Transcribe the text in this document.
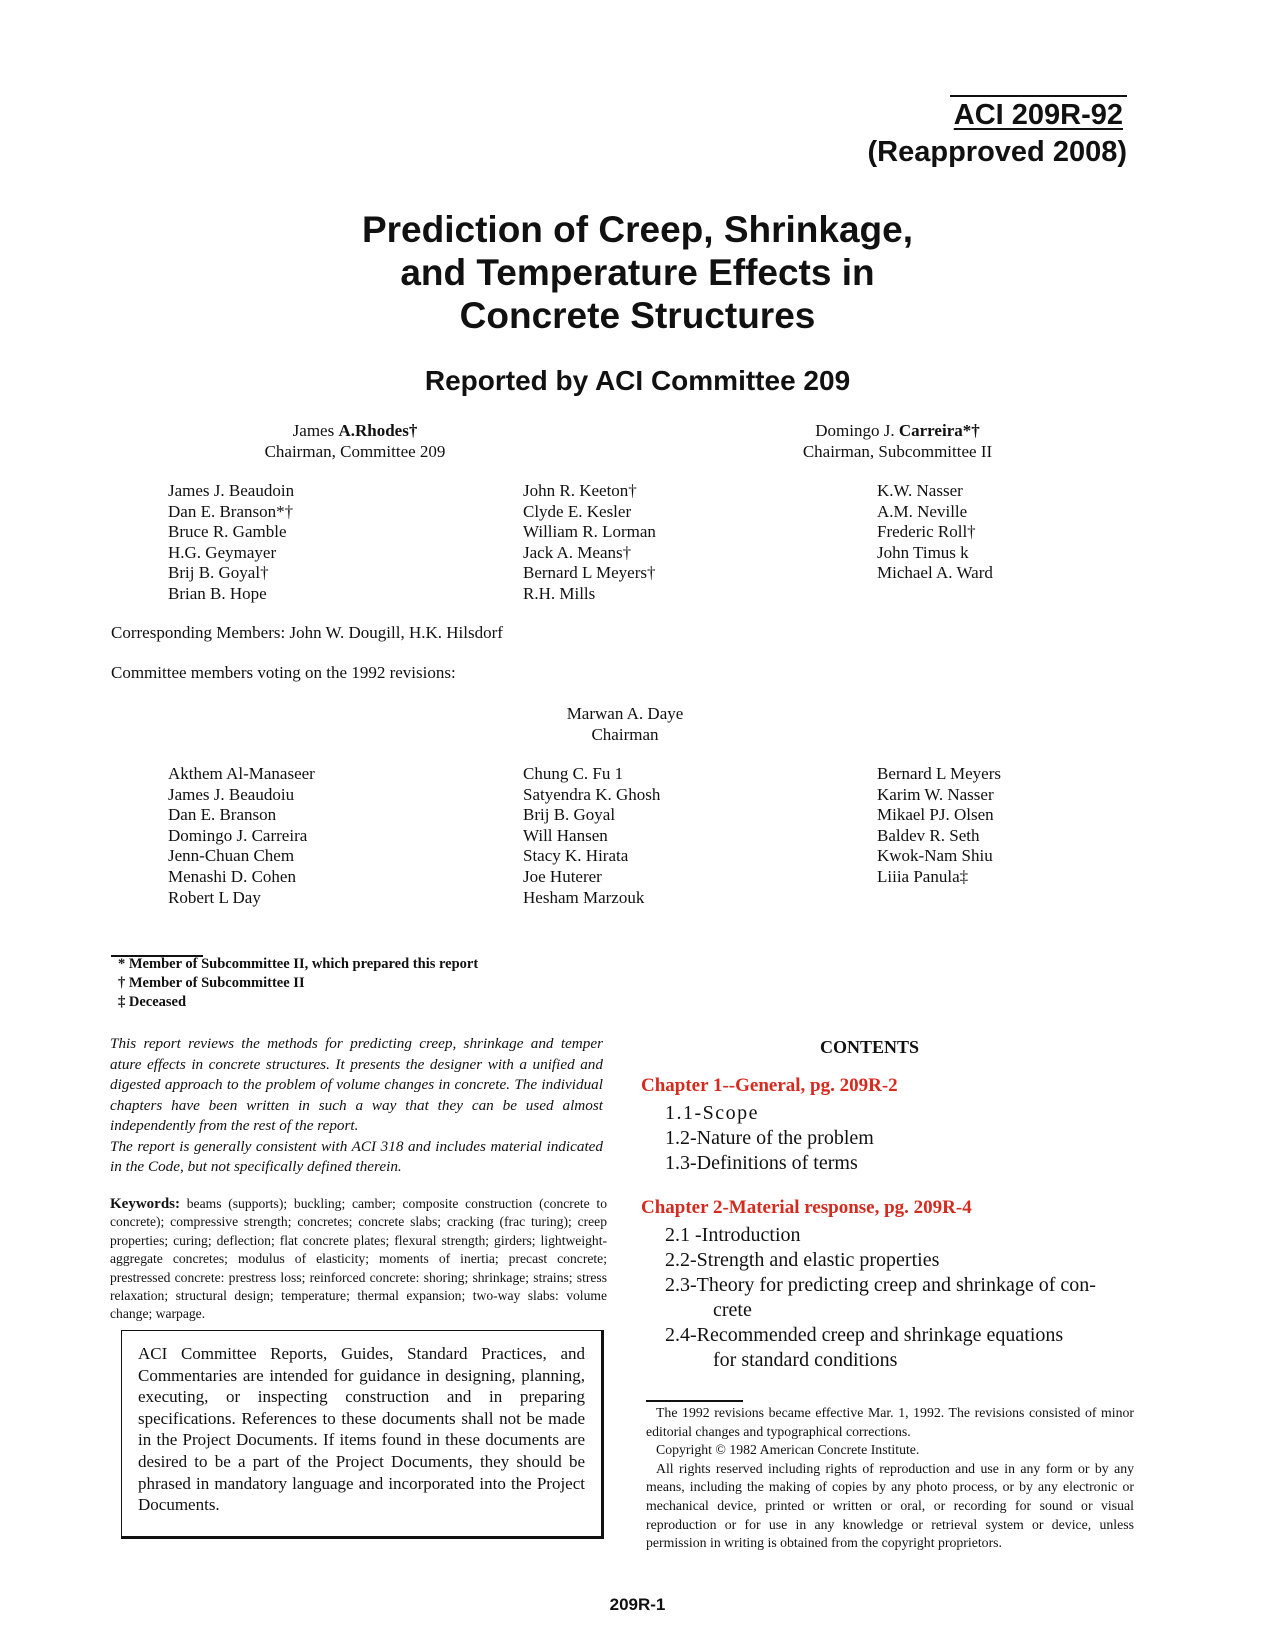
ACI 209R-92
(Reapproved 2008)
Prediction of Creep, Shrinkage,
and Temperature Effects in
Concrete Structures
Reported by ACI Committee 209
James A.Rhodes†
Chairman, Committee 209
Domingo J. Carreira*†
Chairman, Subcommittee II
James J. Beaudoin
Dan E. Branson*†
Bruce R. Gamble
H.G. Geymayer
Brij B. Goyal†
Brian B. Hope
John R. Keeton†
Clyde E. Kesler
William R. Lorman
Jack A. Means†
Bernard L Meyers†
R.H. Mills
K.W. Nasser
A.M. Neville
Frederic Roll†
John Timus k
Michael A. Ward
Corresponding Members: John W. Dougill, H.K. Hilsdorf
Committee members voting on the 1992 revisions:
Marwan A. Daye
Chairman
Akthem Al-Manaseer
James J. Beaudoiu
Dan E. Branson
Domingo J. Carreira
Jenn-Chuan Chem
Menashi D. Cohen
Robert L Day
Chung C. Fu 1
Satyendra K. Ghosh
Brij B. Goyal
Will Hansen
Stacy K. Hirata
Joe Huterer
Hesham Marzouk
Bernard L Meyers
Karim W. Nasser
Mikael PJ. Olsen
Baldev R. Seth
Kwok-Nam Shiu
Liiia Panula‡
* Member of Subcommittee II, which prepared this report
† Member of Subcommittee II
‡ Deceased

This report reviews the methods for predicting creep, shrinkage and temper ature effects in concrete structures. It presents the designer with a unified and digested approach to the problem of volume changes in concrete. The individual chapters have been written in such a way that they can be used almost independently from the rest of the report.

The report is generally consistent with ACI 318 and includes material indicated in the Code, but not specifically defined therein.

Keywords: beams (supports); buckling; camber; composite construction (concrete to concrete); compressive strength; concretes; concrete slabs; cracking (frac turing); creep properties; curing; deflection; flat concrete plates; flexural strength; girders; lightweight-aggregate concretes; modulus of elasticity; moments of inertia; precast concrete; prestressed concrete: prestress loss; reinforced concrete: shoring; shrinkage; strains; stress relaxation; structural design; temperature; thermal expansion; two-way slabs: volume change; warpage.
ACI Committee Reports, Guides, Standard Practices, and Commentaries are intended for guidance in designing, planning, executing, or inspecting construction and in preparing specifications. References to these documents shall not be made in the Project Documents. If items found in these documents are desired to be a part of the Project Documents, they should be phrased in mandatory language and incorporated into the Project Documents.
CONTENTS
Chapter 1--General, pg. 209R-2
1.1-Scope
1.2-Nature of the problem
1.3-Definitions of terms
Chapter 2-Material response, pg. 209R-4
2.1 -Introduction
2.2-Strength and elastic properties
2.3-Theory for predicting creep and shrinkage of con-
crete
2.4-Recommended creep and shrinkage equations
for standard conditions

The 1992 revisions became effective Mar. 1, 1992. The revisions consisted of minor editorial changes and typographical corrections.

Copyright © 1982 American Concrete Institute.

All rights reserved including rights of reproduction and use in any form or by any means, including the making of copies by any photo process, or by any electronic or mechanical device, printed or written or oral, or recording for sound or visual reproduction or for use in any knowledge or retrieval system or device, unless permission in writing is obtained from the copyright proprietors.

209R-1
